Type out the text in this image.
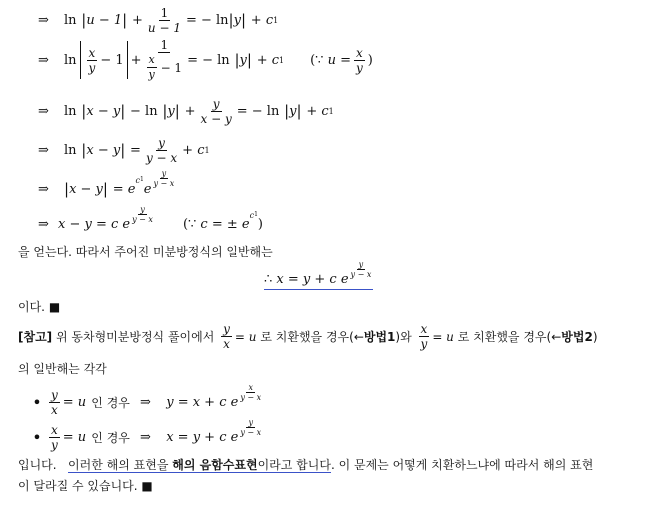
⇒	ln | u − 1 | + $\frac{1}{u - 1}$ = − ln | y | + c 1
⇒	$\ln \frac{x}{y} - 1 + 1$
$\frac{x}{y}$
− 1 = − ln | y | + c 1 (∵
$u = \frac{x}{y}$ )
⇒	ln | x − y | − ln | y | + $\frac{y}{x - y}$ = − ln | y | + c 1
⇒	ln | x − y | = $\frac{y}{y - x} + c$ 1
⇒	| x − y | = e
c 1
e
$\frac{y}{y - x}$
⇒ x − y = c e
$\frac{y}{y - x}$
(∵
c = ± e
c 1
)
을 얻는다. 따라서 주어진 미분방정식의 일반해는
∴
x = y + c e
$\frac{y}{y - x}$
이다. ■
[참고]
위 동차형미분방정식 풀이에서
$\frac{y}{x} = u$
로 치환했을 경우(← 방법1 )와
$\frac{x}{y} = u$
로 치환했을 경우(← 방법2 )
의 일반해는 각각
• $\frac{y}{x} = u$
인 경우
⇒
y = x + c e
$\frac{x}{y - x}$
• $\frac{x}{y} = u$
인 경우
⇒
x = y + c e
$\frac{y}{y - x}$
입니다. 이러한 해의 표현을 해의 음함수표현이라고 합니다. 이 문제는 어떻게 치환하느냐에 따라서 해의 표현
이 달라질 수 있습니다. ■
